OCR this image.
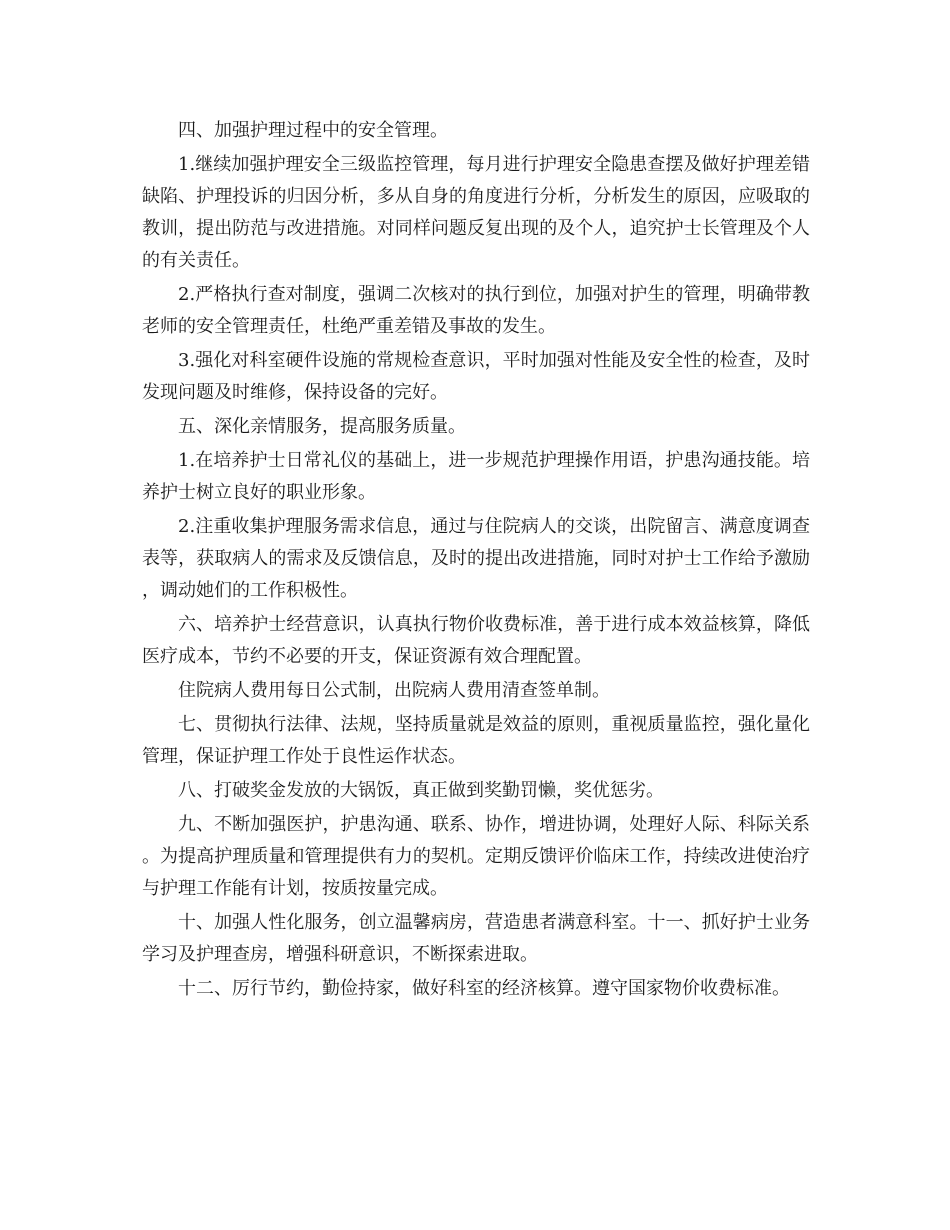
四、加强护理过程中的安全管理。

1.继续加强护理安全三级监控管理，每月进行护理安全隐患查摆及做好护理差错缺陷、护理投诉的归因分析，多从自身的角度进行分析，分析发生的原因，应吸取的教训，提出防范与改进措施。对同样问题反复出现的及个人，追究护士长管理及个人的有关责任。

2.严格执行查对制度，强调二次核对的执行到位，加强对护生的管理，明确带教老师的安全管理责任，杜绝严重差错及事故的发生。

3.强化对科室硬件设施的常规检查意识，平时加强对性能及安全性的检查，及时发现问题及时维修，保持设备的完好。

五、深化亲情服务，提高服务质量。

1.在培养护士日常礼仪的基础上，进一步规范护理操作用语，护患沟通技能。培养护士树立良好的职业形象。

2.注重收集护理服务需求信息，通过与住院病人的交谈，出院留言、满意度调查表等，获取病人的需求及反馈信息，及时的提出改进措施，同时对护士工作给予激励，调动她们的工作积极性。

六、培养护士经营意识，认真执行物价收费标准，善于进行成本效益核算，降低医疗成本，节约不必要的开支，保证资源有效合理配置。

住院病人费用每日公式制，出院病人费用清查签单制。

七、贯彻执行法律、法规，坚持质量就是效益的原则，重视质量监控，强化量化管理，保证护理工作处于良性运作状态。

八、打破奖金发放的大锅饭，真正做到奖勤罚懒，奖优惩劣。

九、不断加强医护，护患沟通、联系、协作，增进协调，处理好人际、科际关系。为提高护理质量和管理提供有力的契机。定期反馈评价临床工作，持续改进使治疗与护理工作能有计划，按质按量完成。

十、加强人性化服务，创立温馨病房，营造患者满意科室。十一、抓好护士业务学习及护理查房，增强科研意识，不断探索进取。

十二、厉行节约，勤俭持家，做好科室的经济核算。遵守国家物价收费标准。
